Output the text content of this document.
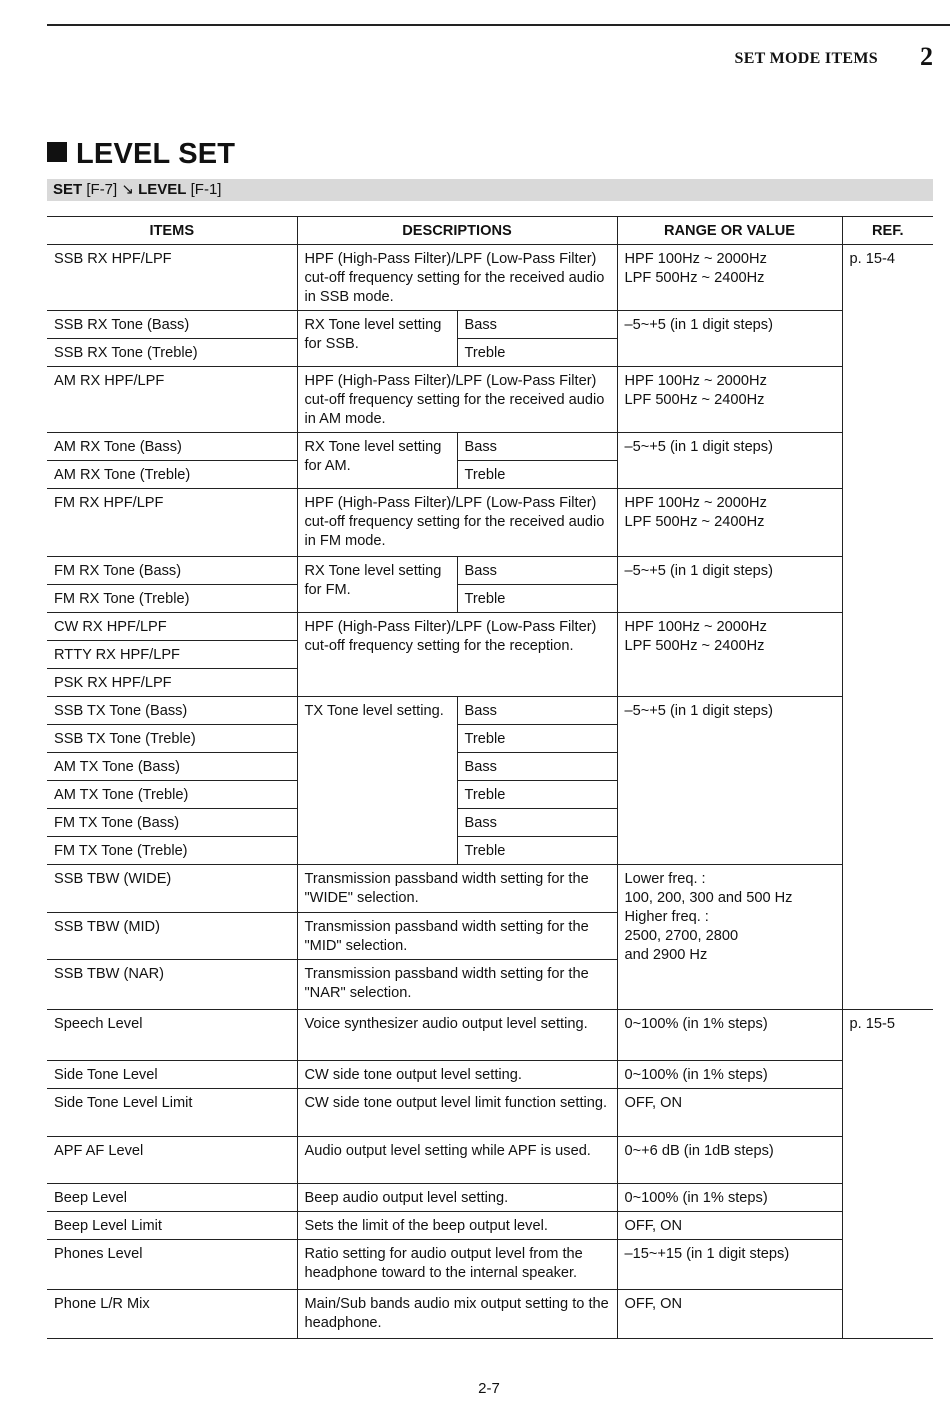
SET MODE ITEMS 2
LEVEL SET
SET [F-7] ↘ LEVEL [F-1]
ITEMS	DESCRIPTIONS		RANGE OR VALUE	REF.
SSB RX HPF/LPF	HPF (High-Pass Filter)/LPF (Low-Pass Filter) cut-off frequency setting for the received audio in SSB mode.		HPF 100Hz ~ 2000Hz
LPF 500Hz ~ 2400Hz	p. 15-4
SSB RX Tone (Bass)	RX Tone level setting for SSB.	Bass	–5~+5 (in 1 digit steps)	
SSB RX Tone (Treble)		Treble		
AM RX HPF/LPF	HPF (High-Pass Filter)/LPF (Low-Pass Filter) cut-off frequency setting for the received audio in AM mode.		HPF 100Hz ~ 2000Hz
LPF 500Hz ~ 2400Hz	

AM RX Tone (Bass)	RX Tone level setting for AM.	Bass	–5~+5 (in 1 digit steps)	
AM RX Tone (Treble)		Treble		
FM RX HPF/LPF	HPF (High-Pass Filter)/LPF (Low-Pass Filter) cut-off frequency setting for the received audio in FM mode.		HPF 100Hz ~ 2000Hz
LPF 500Hz ~ 2400Hz	

FM RX Tone (Bass)	RX Tone level setting for FM.	Bass	–5~+5 (in 1 digit steps)	
FM RX Tone (Treble)		Treble		
CW RX HPF/LPF	HPF (High-Pass Filter)/LPF (Low-Pass Filter) cut-off frequency setting for the reception.		HPF 100Hz ~ 2000Hz
LPF 500Hz ~ 2400Hz	

RTTY RX HPF/LPF				
PSK RX HPF/LPF				
SSB TX Tone (Bass)	TX Tone level setting.	Bass	–5~+5 (in 1 digit steps)	
SSB TX Tone (Treble)		Treble		
AM TX Tone (Bass)		Bass		
AM TX Tone (Treble)		Treble		
FM TX Tone (Bass)		Bass		
FM TX Tone (Treble)		Treble		
SSB TBW (WIDE)	Transmission passband width setting for the "WIDE" selection.		Lower freq. :
100, 200, 300 and 500 Hz
Higher freq. :
2500, 2700, 2800
and 2900 Hz	

SSB TBW (MID)	Transmission passband width setting for the "MID" selection.			
SSB TBW (NAR)	Transmission passband width setting for the "NAR" selection.			
Speech Level	Voice synthesizer audio output level setting.		0~100% (in 1% steps)	p. 15-5
Side Tone Level	CW side tone output level setting.		0~100% (in 1% steps)	
Side Tone Level Limit	CW side tone output level limit function setting.		OFF, ON	
APF AF Level	Audio output level setting while APF is used.		0~+6 dB (in 1dB steps)	
Beep Level	Beep audio output level setting.		0~100% (in 1% steps)	
Beep Level Limit	Sets the limit of the beep output level.		OFF, ON	
Phones Level	Ratio setting for audio output level from the headphone toward to the internal speaker.		–15~+15 (in 1 digit steps)	
Phone L/R Mix	Main/Sub bands audio mix output setting to the headphone.		OFF, ON	
2-7
